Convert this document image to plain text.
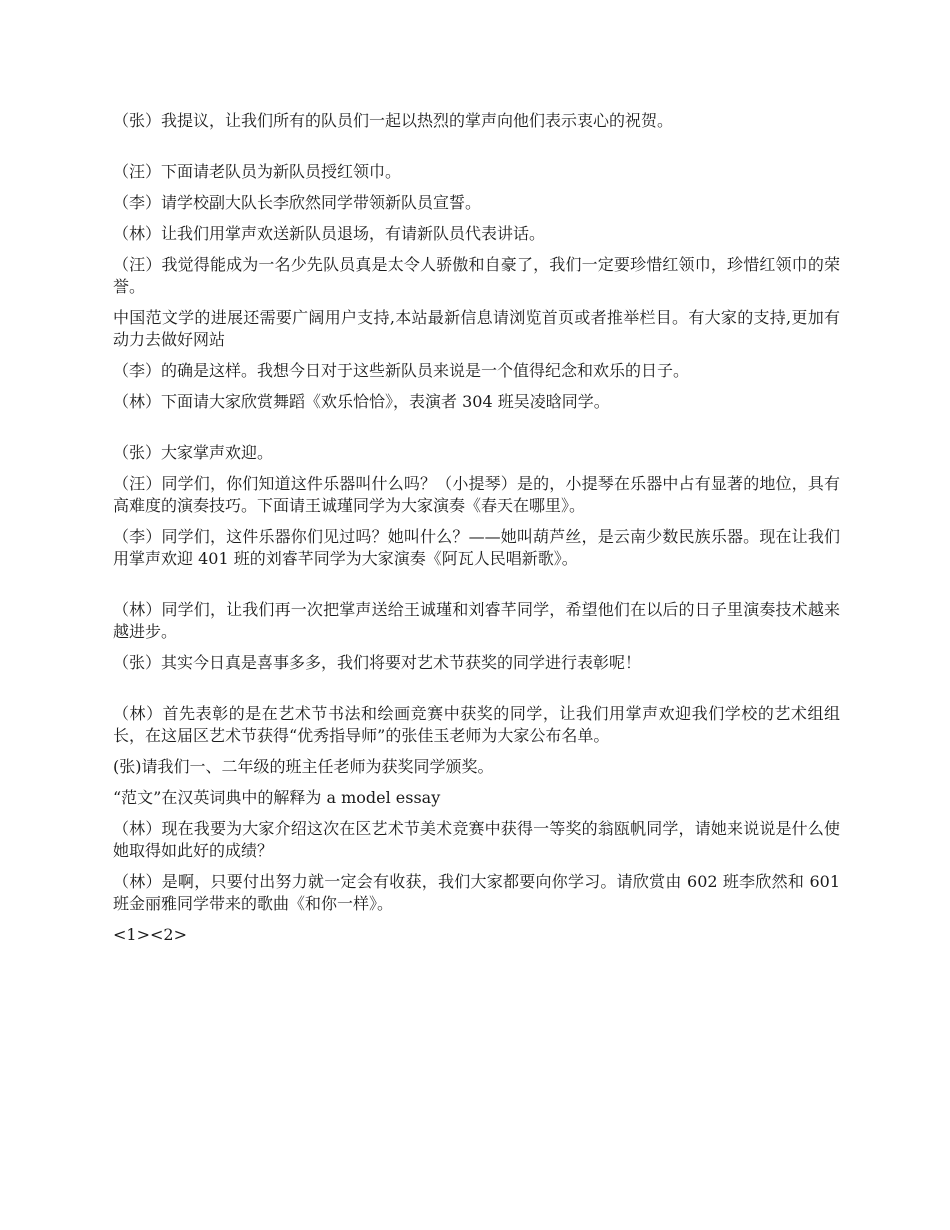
（张）我提议，让我们所有的队员们一起以热烈的掌声向他们表示衷心的祝贺。

（汪）下面请老队员为新队员授红领巾。

（李）请学校副大队长李欣然同学带领新队员宣誓。

（林）让我们用掌声欢送新队员退场，有请新队员代表讲话。

（汪）我觉得能成为一名少先队员真是太令人骄傲和自豪了，我们一定要珍惜红领巾，珍惜红领巾的荣誉。

中国范文学的进展还需要广阔用户支持,本站最新信息请浏览首页或者推举栏目。有大家的支持,更加有动力去做好网站

（李）的确是这样。我想今日对于这些新队员来说是一个值得纪念和欢乐的日子。

（林）下面请大家欣赏舞蹈《欢乐恰恰》，表演者 304 班吴凌晗同学。

（张）大家掌声欢迎。

（汪）同学们，你们知道这件乐器叫什么吗？（小提琴）是的，小提琴在乐器中占有显著的地位，具有高难度的演奏技巧。下面请王诚瑾同学为大家演奏《春天在哪里》。

（李）同学们，这件乐器你们见过吗？她叫什么？——她叫葫芦丝，是云南少数民族乐器。现在让我们用掌声欢迎 401 班的刘睿芊同学为大家演奏《阿瓦人民唱新歌》。

（林）同学们，让我们再一次把掌声送给王诚瑾和刘睿芊同学，希望他们在以后的日子里演奏技术越来越进步。

（张）其实今日真是喜事多多，我们将要对艺术节获奖的同学进行表彰呢！

（林）首先表彰的是在艺术节书法和绘画竞赛中获奖的同学，让我们用掌声欢迎我们学校的艺术组组长，在这届区艺术节获得“优秀指导师”的张佳玉老师为大家公布名单。

(张)请我们一、二年级的班主任老师为获奖同学颁奖。

“范文”在汉英词典中的解释为 a model essay

（林）现在我要为大家介绍这次在区艺术节美术竞赛中获得一等奖的翁瓯帆同学，请她来说说是什么使她取得如此好的成绩？

（林）是啊，只要付出努力就一定会有收获，我们大家都要向你学习。请欣赏由 602 班李欣然和 601 班金丽雅同学带来的歌曲《和你一样》。

<1><2>
